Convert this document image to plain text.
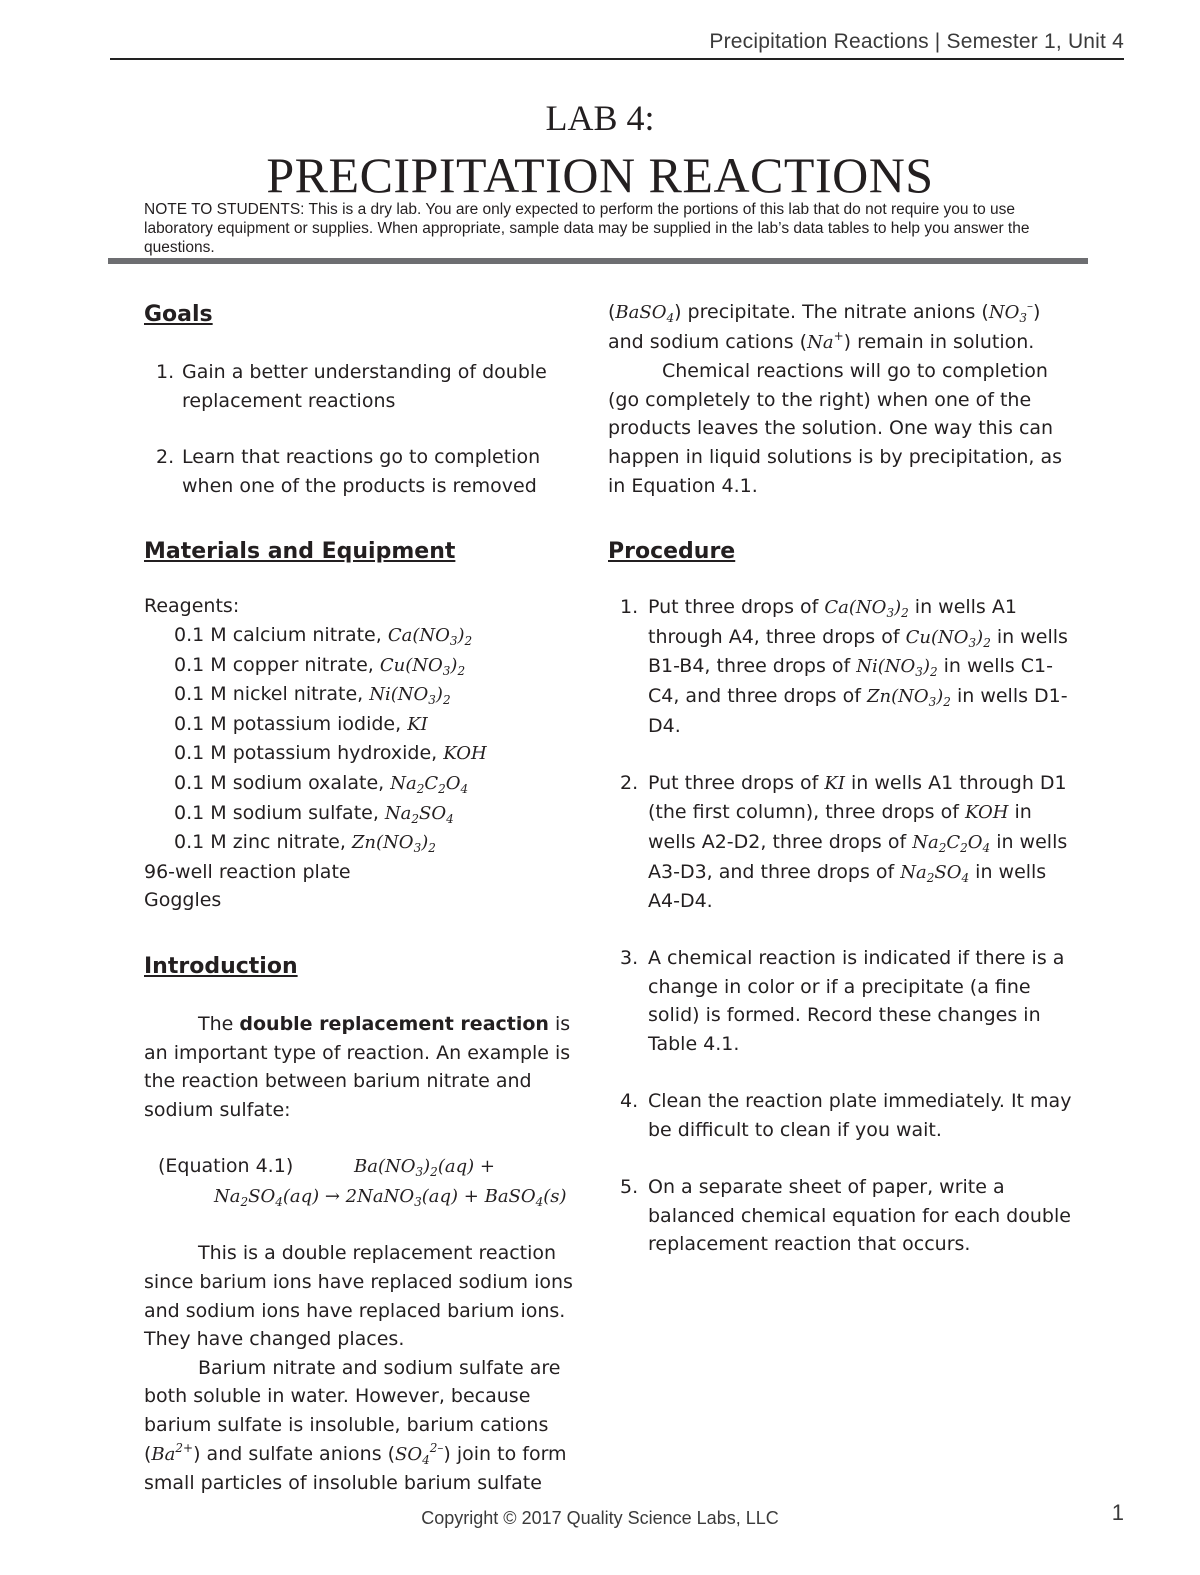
Precipitation Reactions | Semester 1, Unit 4
LAB 4:
PRECIPITATION REACTIONS
NOTE TO STUDENTS: This is a dry lab. You are only expected to perform the portions of this lab that do not require you to use laboratory equipment or supplies. When appropriate, sample data may be supplied in the lab’s data tables to help you answer the questions.
Goals
1. Gain a better understanding of double replacement reactions
2. Learn that reactions go to completion when one of the products is removed
Materials and Equipment
Reagents:
0.1 M calcium nitrate, $Ca(NO_3)_2$
0.1 M copper nitrate, $Cu(NO_3)_2$
0.1 M nickel nitrate, $Ni(NO_3)_2$
0.1 M potassium iodide, KI
0.1 M potassium hydroxide, KOH
0.1 M sodium oxalate, $Na_2C_2O_4$
0.1 M sodium sulfate, $Na_2SO_4$
0.1 M zinc nitrate, $Zn(NO_3)_2$
96-well reaction plate
Goggles
Introduction

The double replacement reaction is an important type of reaction. An example is the reaction between barium nitrate and sodium sulfate:

(Equation 4.1)	$Ba(NO_3)_2(aq)$ +
$Na_2SO_4(aq)$ → 2NaNO$_3$(aq) + BaSO$_4$(s)

This is a double replacement reaction since barium ions have replaced sodium ions and sodium ions have replaced barium ions. They have changed places.

Barium nitrate and sodium sulfate are both soluble in water. However, because barium sulfate is insoluble, barium cations $(Ba^{2+})$ and sulfate anions $(SO_4^{2-})$ join to form small particles of insoluble barium sulfate

(BaSO$_4$) precipitate. The nitrate anions $(NO_3^-)$ and sodium cations (Na+) remain in solution.

Chemical reactions will go to completion (go completely to the right) when one of the products leaves the solution. One way this can happen in liquid solutions is by precipitation, as in Equation 4.1.

Procedure
1. Put three drops of $Ca(NO_3)_2$ in wells A1 through A4, three drops of $Cu(NO_3)_2$ in wells B1-B4, three drops of $Ni(NO_3)_2$ in wells C1-C4, and three drops of $Zn(NO_3)_2$ in wells D1-D4.
2. Put three drops of KI in wells A1 through D1 (the first column), three drops of KOH in wells A2-D2, three drops of $Na_2C_2O_4$ in wells A3-D3, and three drops of $Na_2SO_4$ in wells A4-D4.
3. A chemical reaction is indicated if there is a change in color or if a precipitate (a fine solid) is formed. Record these changes in Table 4.1.
4. Clean the reaction plate immediately. It may be difficult to clean if you wait.
5. On a separate sheet of paper, write a balanced chemical equation for each double replacement reaction that occurs.
Copyright © 2017 Quality Science Labs, LLC	1
